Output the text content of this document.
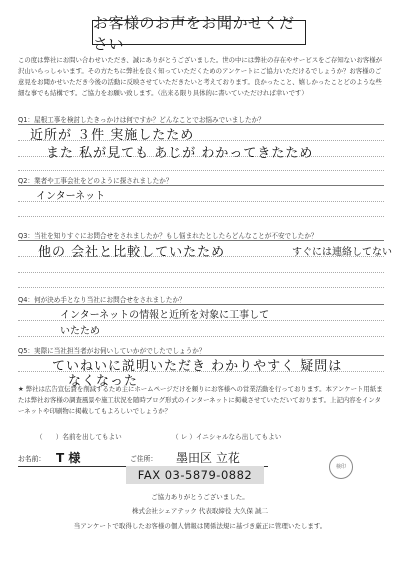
お客様のお声をお聞かせください
この度は弊社にお問い合わせいただき、誠にありがとうございました。世の中には弊社の存在やサービスをご存知ないお客様が沢山いらっしゃいます。その方たちに弊社を良く知っていただくためのアンケートにご協力いただけるでしょうか？お客様のご意見をお聞かせいただき今後の活動に反映させていただきたいと考えております。良かったこと、嬉しかったことどのような些細な事でも結構です。ご協力をお願い致します。（出来る限り具体的に書いていただければ幸いです）
Q1：屋根工事を検討したきっかけは何ですか？どんなことでお悩みでいましたか？
近所が ３件 実施したため
また 私が見ても あじが わかってきたため
Q2：業者や工事会社をどのように探されましたか？
インターネット
Q3：当社を知りすぐにお問合せをされましたか？もし悩まれたとしたらどんなことが不安でしたか？
他の 会社と比較していたため	すぐには連絡してない
Q4：何が決め手となり当社にお問合せをされましたか？
インターネットの情報と近所を対象に工事して
いたため
Q5：実際に当社担当者がお伺いしていかがでしたでしょうか？
ていねいに説明いただき わかりやすく 疑問は
なくなった
★ 弊社は広告宣伝費を削減するため主にホームページだけを頼りにお客様への営業活動を行っております。本アンケート用紙または弊社お客様の調査風景や施工状況を随時ブログ形式のインターネットに掲載させていただいております。上記内容をインターネットや印刷物に掲載してもよろしいでしょうか？
（　　）名前を出してもよい	（ レ ）イニシャルなら出してもよい
お名前： T 様	ご住所： 墨田区 立花
FAX 03-5879-0882
検印
ご協力ありがとうございました。
株式会社シェアテック 代表取締役 大久保 誠二
当アンケートで取得したお客様の個人情報は関係法規に基づき厳正に管理いたします。
